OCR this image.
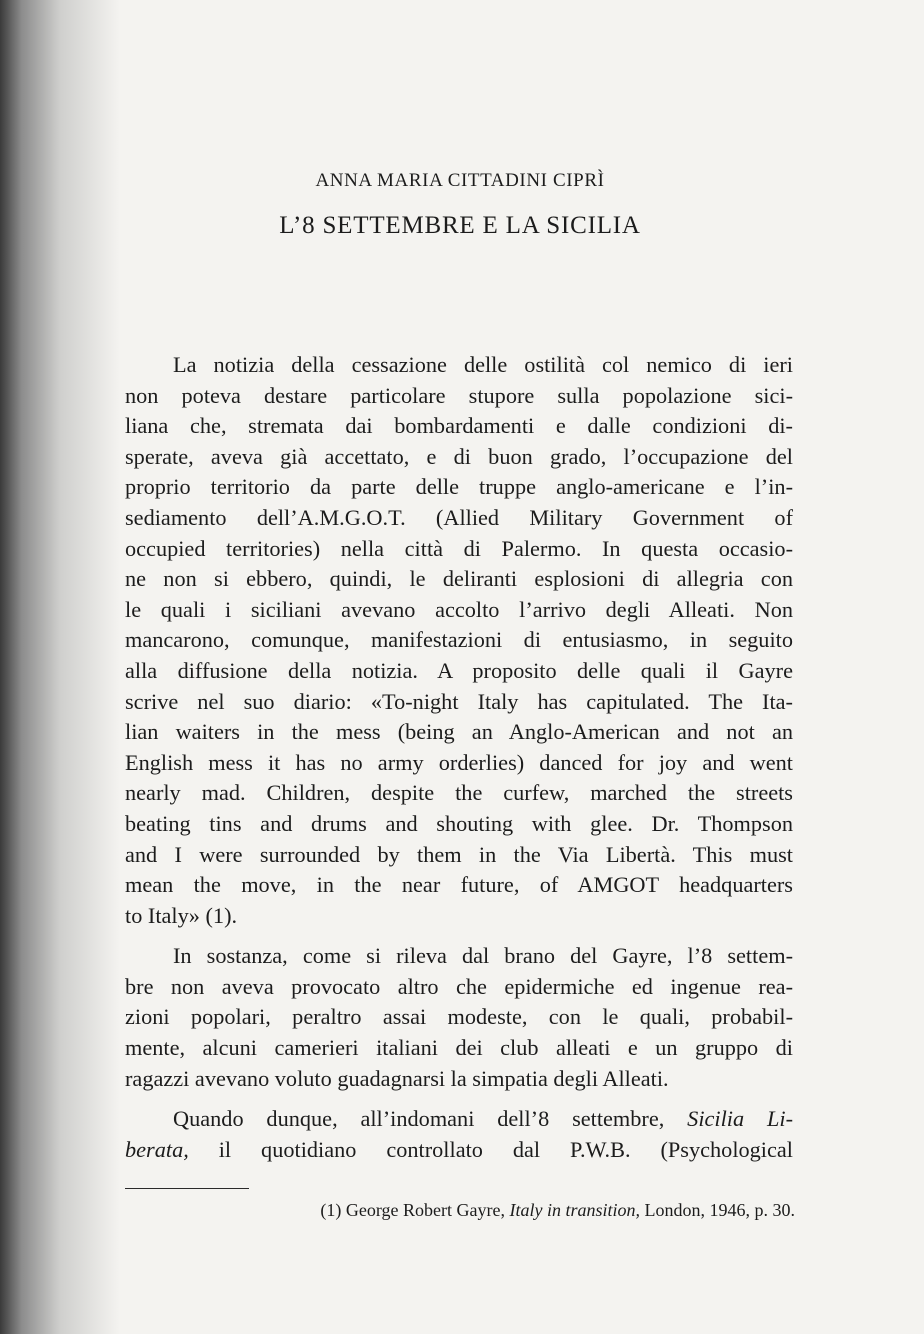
ANNA MARIA CITTADINI CIPRÌ
L’8 SETTEMBRE E LA SICILIA
La notizia della cessazione delle ostilità col nemico di ieri
non poteva destare particolare stupore sulla popolazione sici-
liana che, stremata dai bombardamenti e dalle condizioni di-
sperate, aveva già accettato, e di buon grado, l’occupazione del
proprio territorio da parte delle truppe anglo-americane e l’in-
sediamento dell’A.M.G.O.T. (Allied Military Government of
occupied territories) nella città di Palermo. In questa occasio-
ne non si ebbero, quindi, le deliranti esplosioni di allegria con
le quali i siciliani avevano accolto l’arrivo degli Alleati. Non
mancarono, comunque, manifestazioni di entusiasmo, in seguito
alla diffusione della notizia. A proposito delle quali il Gayre
scrive nel suo diario: «To-night Italy has capitulated. The Ita-
lian waiters in the mess (being an Anglo-American and not an
English mess it has no army orderlies) danced for joy and went
nearly mad. Children, despite the curfew, marched the streets
beating tins and drums and shouting with glee. Dr. Thompson
and I were surrounded by them in the Via Libertà. This must
mean the move, in the near future, of AMGOT headquarters
to Italy» (1).
In sostanza, come si rileva dal brano del Gayre, l’8 settem-
bre non aveva provocato altro che epidermiche ed ingenue rea-
zioni popolari, peraltro assai modeste, con le quali, probabil-
mente, alcuni camerieri italiani dei club alleati e un gruppo di
ragazzi avevano voluto guadagnarsi la simpatia degli Alleati.
Quando dunque, all’indomani dell’8 settembre, Sicilia Li-
berata, il quotidiano controllato dal P.W.B. (Psychological
(1) George Robert Gayre, Italy in transition, London, 1946, p. 30.
